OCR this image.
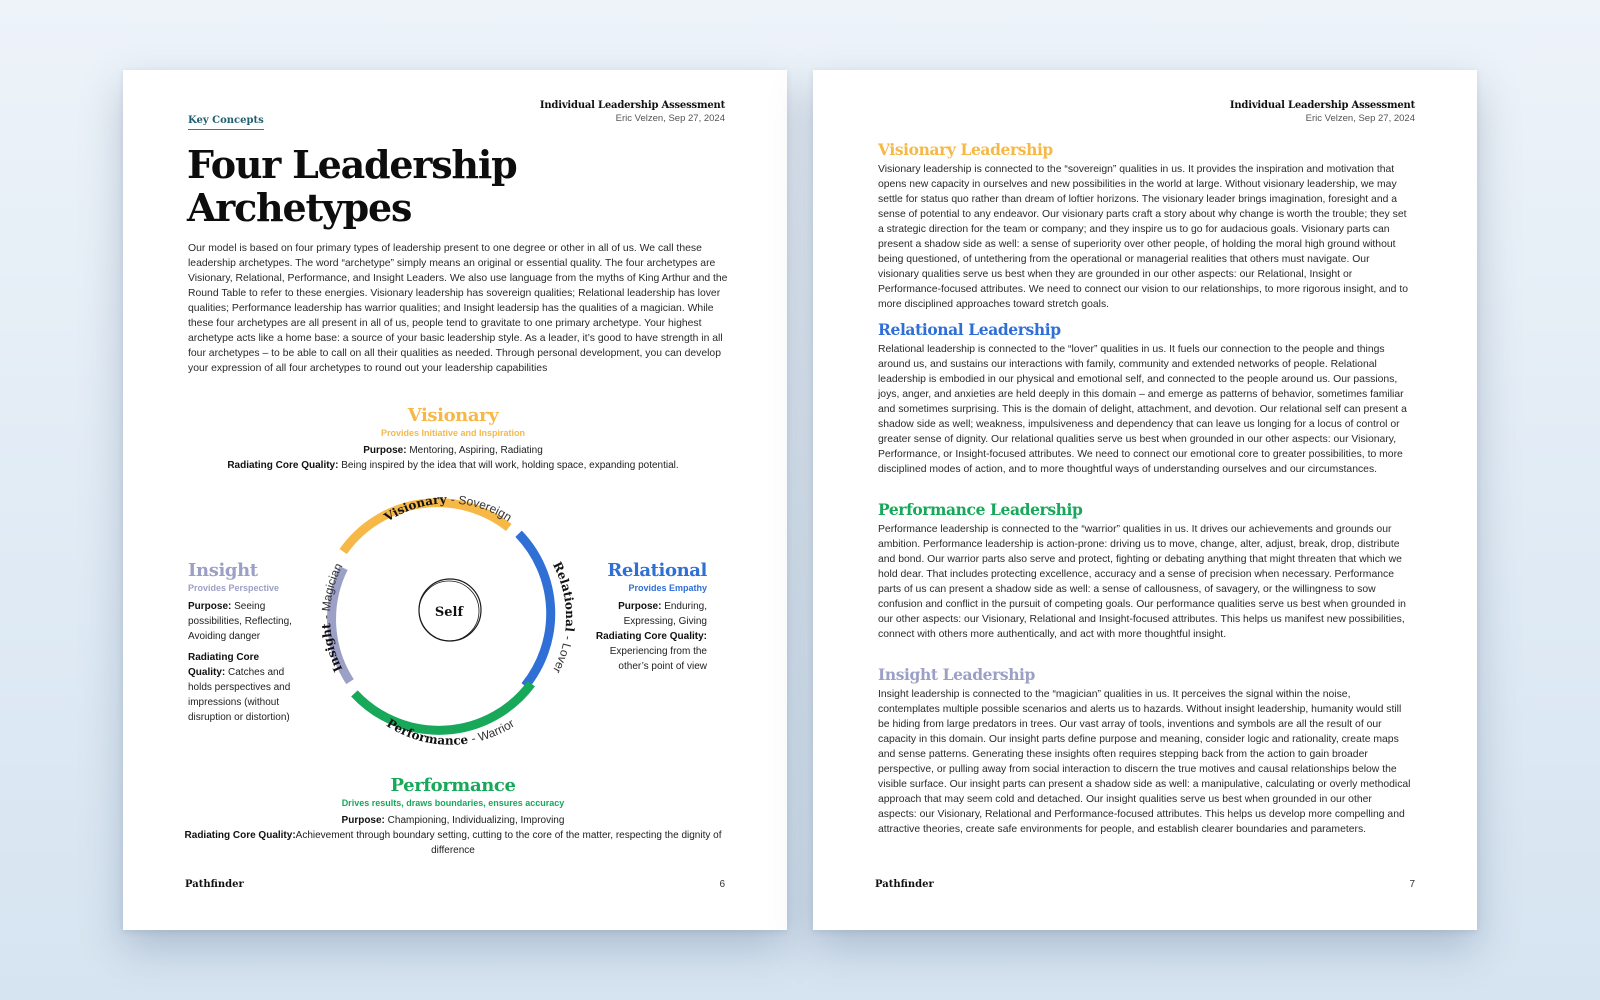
Individual Leadership Assessment
Eric Velzen, Sep 27, 2024
Key Concepts
Four Leadership
Archetypes

Our model is based on four primary types of leadership present to one degree or other in all of us. We call these leadership archetypes. The word “archetype” simply means an original or essential quality. The four archetypes are Visionary, Relational, Performance, and Insight Leaders. We also use language from the myths of King Arthur and the Round Table to refer to these energies. Visionary leadership has sovereign qualities; Relational leadership has lover qualities; Performance leadership has warrior qualities; and Insight leadersip has the qualities of a magician. While these four archetypes are all present in all of us, people tend to gravitate to one primary archetype. Your highest archetype acts like a home base: a source of your basic leadership style. As a leader, it’s good to have strength in all four archetypes – to be able to call on all their qualities as needed. Through personal development, you can develop your expression of all four archetypes to round out your leadership capabilities

Visionary
Provides Initiative and Inspiration
Purpose: Mentoring, Aspiring, Radiating
Radiating Core Quality: Being inspired by the idea that will work, holding space, expanding potential.
Insight
Provides Perspective
Purpose: Seeing possibilities, Reflecting, Avoiding danger
Radiating Core Quality: Catches and holds perspectives and impressions (without disruption or distortion)
Relational
Provides Empathy
Purpose: Enduring, Expressing, Giving
Radiating Core Quality: Experiencing from the other’s point of view
Self
Visionary - Sovereign
Relational - Lover
Performance- Warrior
Insight- Magician
Performance
Drives results, draws boundaries, ensures accuracy
Purpose: Championing, Individualizing, Improving
Radiating Core Quality:Achievement through boundary setting, cutting to the core of the matter, respecting the dignity of difference
Pathfinder	6
Individual Leadership Assessment
Eric Velzen, Sep 27, 2024
Visionary Leadership

Visionary leadership is connected to the “sovereign” qualities in us. It provides the inspiration and motivation that opens new capacity in ourselves and new possibilities in the world at large. Without visionary leadership, we may settle for status quo rather than dream of loftier horizons. The visionary leader brings imagination, foresight and a sense of potential to any endeavor. Our visionary parts craft a story about why change is worth the trouble; they set a strategic direction for the team or company; and they inspire us to go for audacious goals. Visionary parts can present a shadow side as well: a sense of superiority over other people, of holding the moral high ground without being questioned, of untethering from the operational or managerial realities that others must navigate. Our visionary qualities serve us best when they are grounded in our other aspects: our Relational, Insight or Performance-focused attributes. We need to connect our vision to our relationships, to more rigorous insight, and to more disciplined approaches toward stretch goals.

Relational Leadership

Relational leadership is connected to the “lover” qualities in us. It fuels our connection to the people and things around us, and sustains our interactions with family, community and extended networks of people. Relational leadership is embodied in our physical and emotional self, and connected to the people around us. Our passions, joys, anger, and anxieties are held deeply in this domain – and emerge as patterns of behavior, sometimes familiar and sometimes surprising. This is the domain of delight, attachment, and devotion. Our relational self can present a shadow side as well; weakness, impulsiveness and dependency that can leave us longing for a locus of control or greater sense of dignity. Our relational qualities serve us best when grounded in our other aspects: our Visionary, Performance, or Insight-focused attributes. We need to connect our emotional core to greater possibilities, to more disciplined modes of action, and to more thoughtful ways of understanding ourselves and our circumstances.

Performance Leadership

Performance leadership is connected to the “warrior” qualities in us. It drives our achievements and grounds our ambition. Performance leadership is action-prone: driving us to move, change, alter, adjust, break, drop, distribute and bond. Our warrior parts also serve and protect, fighting or debating anything that might threaten that which we hold dear. That includes protecting excellence, accuracy and a sense of precision when necessary. Performance parts of us can present a shadow side as well: a sense of callousness, of savagery, or the willingness to sow confusion and conflict in the pursuit of competing goals. Our performance qualities serve us best when grounded in our other aspects: our Visionary, Relational and Insight-focused attributes. This helps us manifest new possibilities, connect with others more authentically, and act with more thoughtful insight.

Insight Leadership

Insight leadership is connected to the “magician” qualities in us. It perceives the signal within the noise, contemplates multiple possible scenarios and alerts us to hazards. Without insight leadership, humanity would still be hiding from large predators in trees. Our vast array of tools, inventions and symbols are all the result of our capacity in this domain. Our insight parts define purpose and meaning, consider logic and rationality, create maps and sense patterns. Generating these insights often requires stepping back from the action to gain broader perspective, or pulling away from social interaction to discern the true motives and causal relationships below the visible surface. Our insight parts can present a shadow side as well: a manipulative, calculating or overly methodical approach that may seem cold and detached. Our insight qualities serve us best when grounded in our other aspects: our Visionary, Relational and Performance-focused attributes. This helps us develop more compelling and attractive theories, create safe environments for people, and establish clearer boundaries and parameters.

Pathfinder	7
